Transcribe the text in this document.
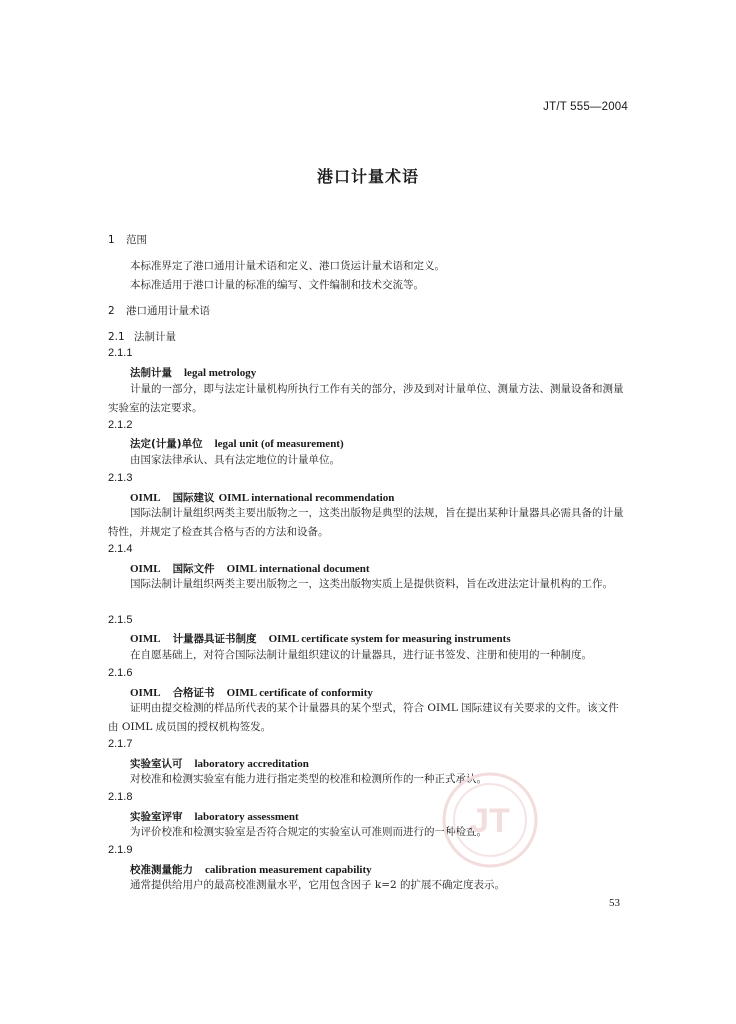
JT/T 555—2004
港口计量术语
1 范围
本标准界定了港口通用计量术语和定义、港口货运计量术语和定义。
本标准适用于港口计量的标准的编写、文件编制和技术交流等。
2 港口通用计量术语
2.1 法制计量
2.1.1
法制计量 legal metrology
计量的一部分，即与法定计量机构所执行工作有关的部分，涉及到对计量单位、测量方法、测量设备和测量实验室的法定要求。
2.1.2
法定(计量)单位 legal unit (of measurement)
由国家法律承认、具有法定地位的计量单位。
2.1.3
OIML 国际建议 OIML international recommendation
国际法制计量组织两类主要出版物之一，这类出版物是典型的法规，旨在提出某种计量器具必需具备的计量特性，并规定了检查其合格与否的方法和设备。
2.1.4
OIML 国际文件 OIML international document
国际法制计量组织两类主要出版物之一，这类出版物实质上是提供资料，旨在改进法定计量机构的工作。
2.1.5
OIML 计量器具证书制度 OIML certificate system for measuring instruments
在自愿基础上，对符合国际法制计量组织建议的计量器具，进行证书签发、注册和使用的一种制度。
2.1.6
OIML 合格证书 OIML certificate of conformity
证明由提交检测的样品所代表的某个计量器具的某个型式，符合 OIML 国际建议有关要求的文件。该文件由 OIML 成员国的授权机构签发。
2.1.7
实验室认可 laboratory accreditation
对校准和检测实验室有能力进行指定类型的校准和检测所作的一种正式承认。
2.1.8
实验室评审 laboratory assessment
为评价校准和检测实验室是否符合规定的实验室认可准则而进行的一种检查。
2.1.9
校准测量能力 calibration measurement capability
通常提供给用户的最高校准测量水平，它用包含因子 k=2 的扩展不确定度表示。
JT
53
